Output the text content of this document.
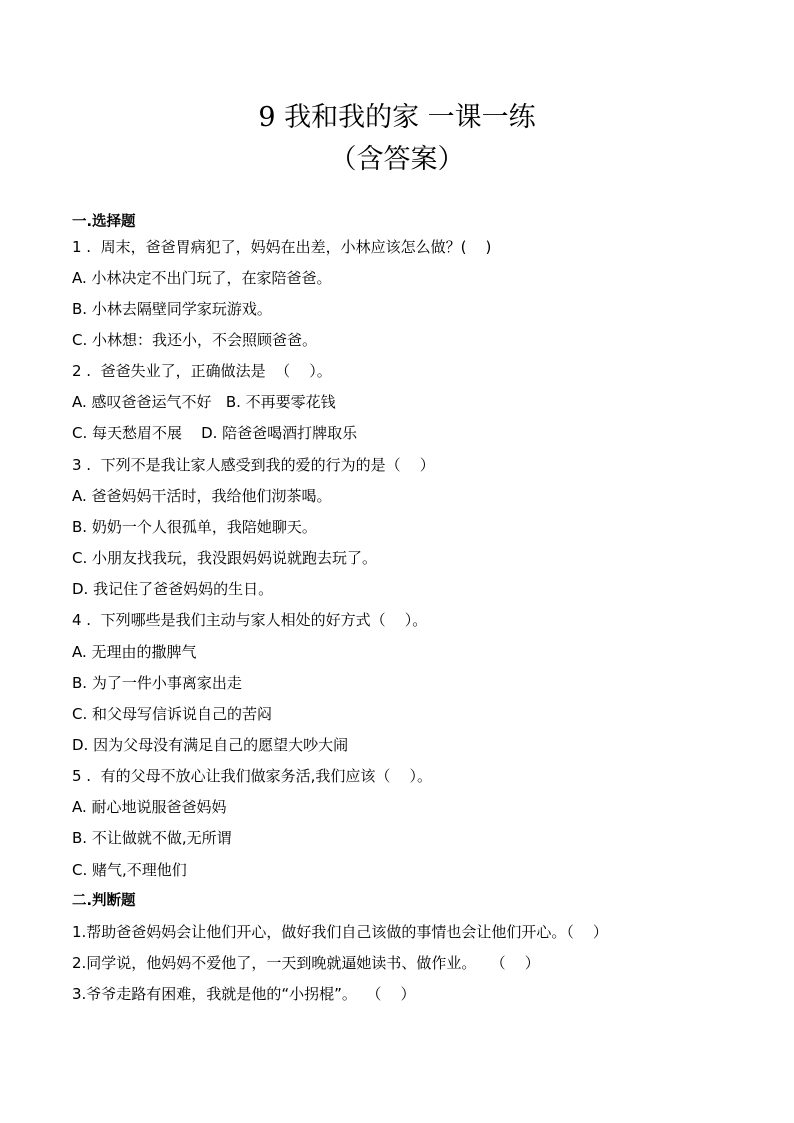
9 我和我的家 一课一练
（含答案）
一.选择题
1 .  周末，爸爸胃病犯了，妈妈在出差，小林应该怎么做？(    )
A. 小林决定不出门玩了，在家陪爸爸。
B. 小林去隔壁同学家玩游戏。
C. 小林想：我还小，不会照顾爸爸。
2 .  爸爸失业了，正确做法是  （    ）。
A. 感叹爸爸运气不好   B. 不再要零花钱
C. 每天愁眉不展    D. 陪爸爸喝酒打牌取乐
3 .  下列不是我让家人感受到我的爱的行为的是（    ）
A. 爸爸妈妈干活时，我给他们沏茶喝。
B. 奶奶一个人很孤单，我陪她聊天。
C. 小朋友找我玩，我没跟妈妈说就跑去玩了。
D. 我记住了爸爸妈妈的生日。
4 .  下列哪些是我们主动与家人相处的好方式（    ）。
A. 无理由的撒脾气
B. 为了一件小事离家出走
C. 和父母写信诉说自己的苦闷
D. 因为父母没有满足自己的愿望大吵大闹
5 .  有的父母不放心让我们做家务活,我们应该（    ）。
A. 耐心地说服爸爸妈妈
B. 不让做就不做,无所谓
C. 赌气,不理他们
二.判断题
1.帮助爸爸妈妈会让他们开心，做好我们自己该做的事情也会让他们开心。（    ）
2.同学说，他妈妈不爱他了，一天到晚就逼她读书、做作业。   （    ）
3.爷爷走路有困难，我就是他的“小拐棍”。  （    ）
